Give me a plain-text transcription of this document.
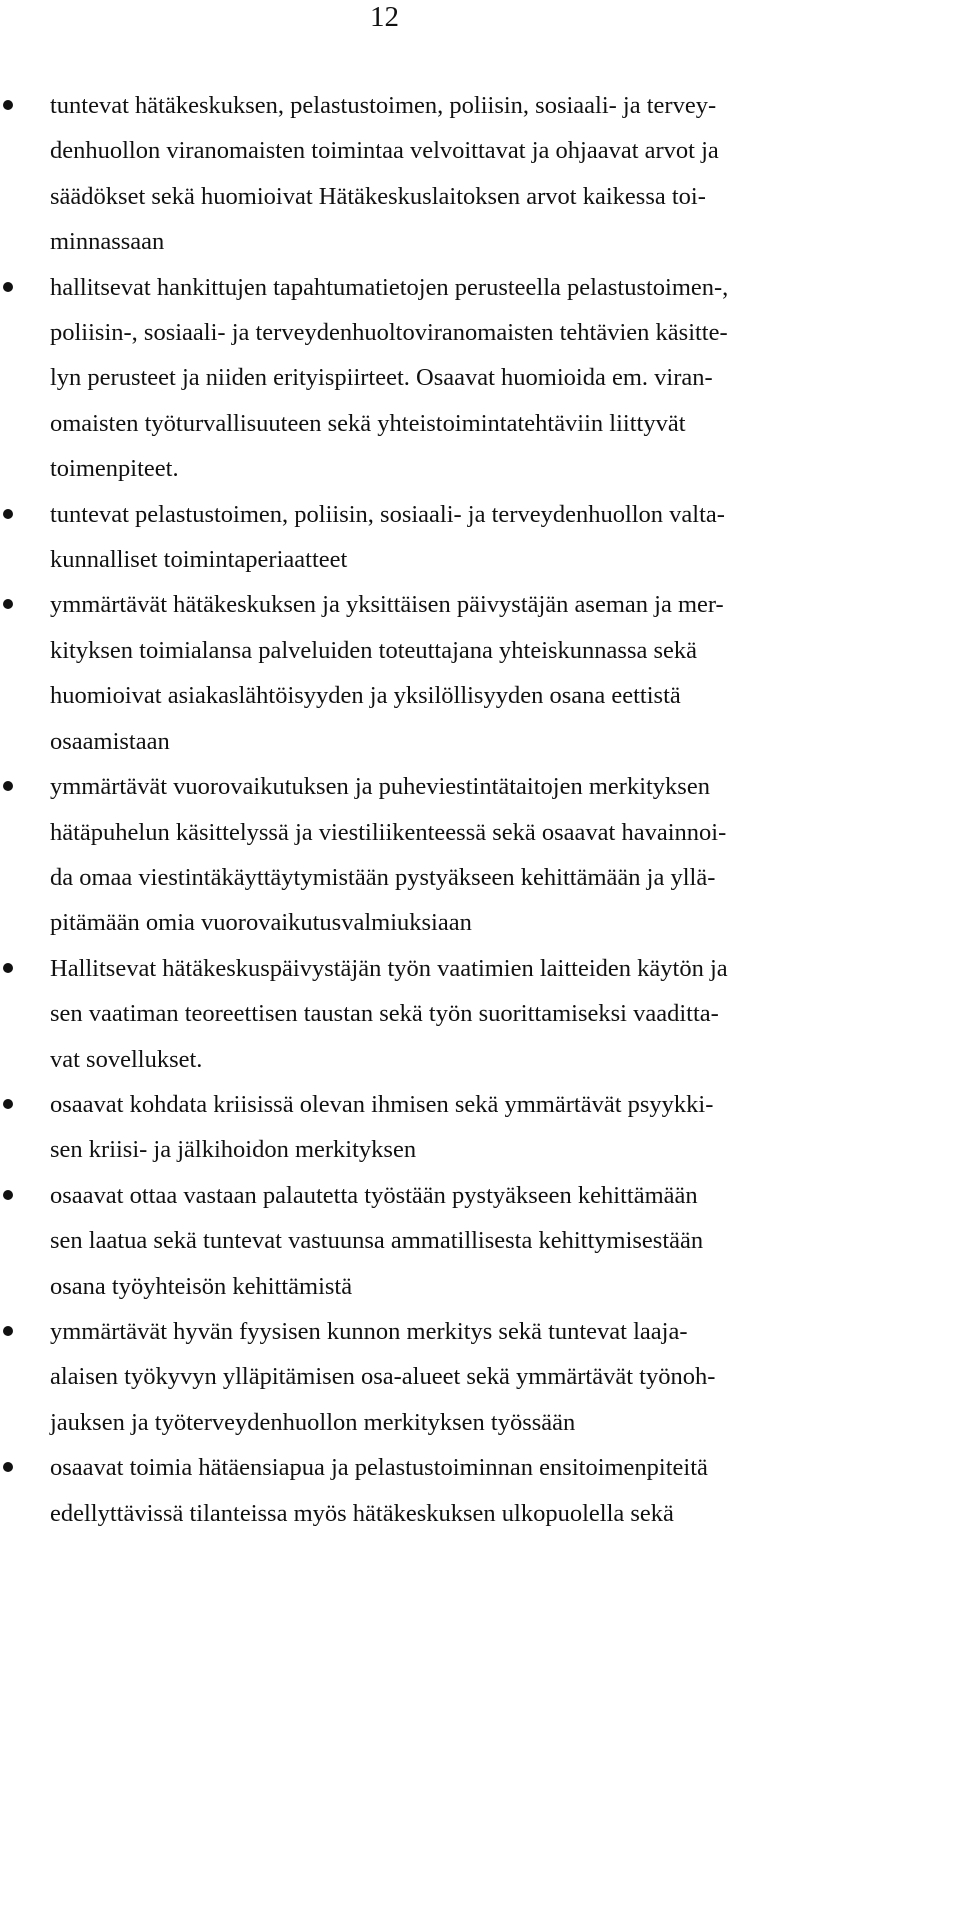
12
tuntevat hätäkeskuksen, pelastustoimen, poliisin, sosiaali- ja tervey-
denhuollon viranomaisten toimintaa velvoittavat ja ohjaavat arvot ja
säädökset sekä huomioivat Hätäkeskuslaitoksen arvot kaikessa toi-
minnassaan
hallitsevat hankittujen tapahtumatietojen perusteella pelastustoimen-,
poliisin-, sosiaali- ja terveydenhuoltoviranomaisten tehtävien käsitte-
lyn perusteet ja niiden erityispiirteet. Osaavat huomioida em. viran-
omaisten työturvallisuuteen sekä yhteistoimintatehtäviin liittyvät
toimenpiteet.
tuntevat pelastustoimen, poliisin, sosiaali- ja terveydenhuollon valta-
kunnalliset toimintaperiaatteet
ymmärtävät hätäkeskuksen ja yksittäisen päivystäjän aseman ja mer-
kityksen toimialansa palveluiden toteuttajana yhteiskunnassa sekä
huomioivat asiakaslähtöisyyden ja yksilöllisyyden osana eettistä
osaamistaan
ymmärtävät vuorovaikutuksen ja puheviestintätaitojen merkityksen
hätäpuhelun käsittelyssä ja viestiliikenteessä sekä osaavat havainnoi-
da omaa viestintäkäyttäytymistään pystyäkseen kehittämään ja yllä-
pitämään omia vuorovaikutusvalmiuksiaan
Hallitsevat hätäkeskuspäivystäjän työn vaatimien laitteiden käytön ja
sen vaatiman teoreettisen taustan sekä työn suorittamiseksi vaaditta-
vat sovellukset.
osaavat kohdata kriisissä olevan ihmisen sekä ymmärtävät psyykki-
sen kriisi- ja jälkihoidon merkityksen
osaavat ottaa vastaan palautetta työstään pystyäkseen kehittämään
sen laatua sekä tuntevat vastuunsa ammatillisesta kehittymisestään
osana työyhteisön kehittämistä
ymmärtävät hyvän fyysisen kunnon merkitys sekä tuntevat laaja-
alaisen työkyvyn ylläpitämisen osa-alueet sekä ymmärtävät työnoh-
jauksen ja työterveydenhuollon merkityksen työssään
osaavat toimia hätäensiapua ja pelastustoiminnan ensitoimenpiteitä
edellyttävissä tilanteissa myös hätäkeskuksen ulkopuolella sekä
